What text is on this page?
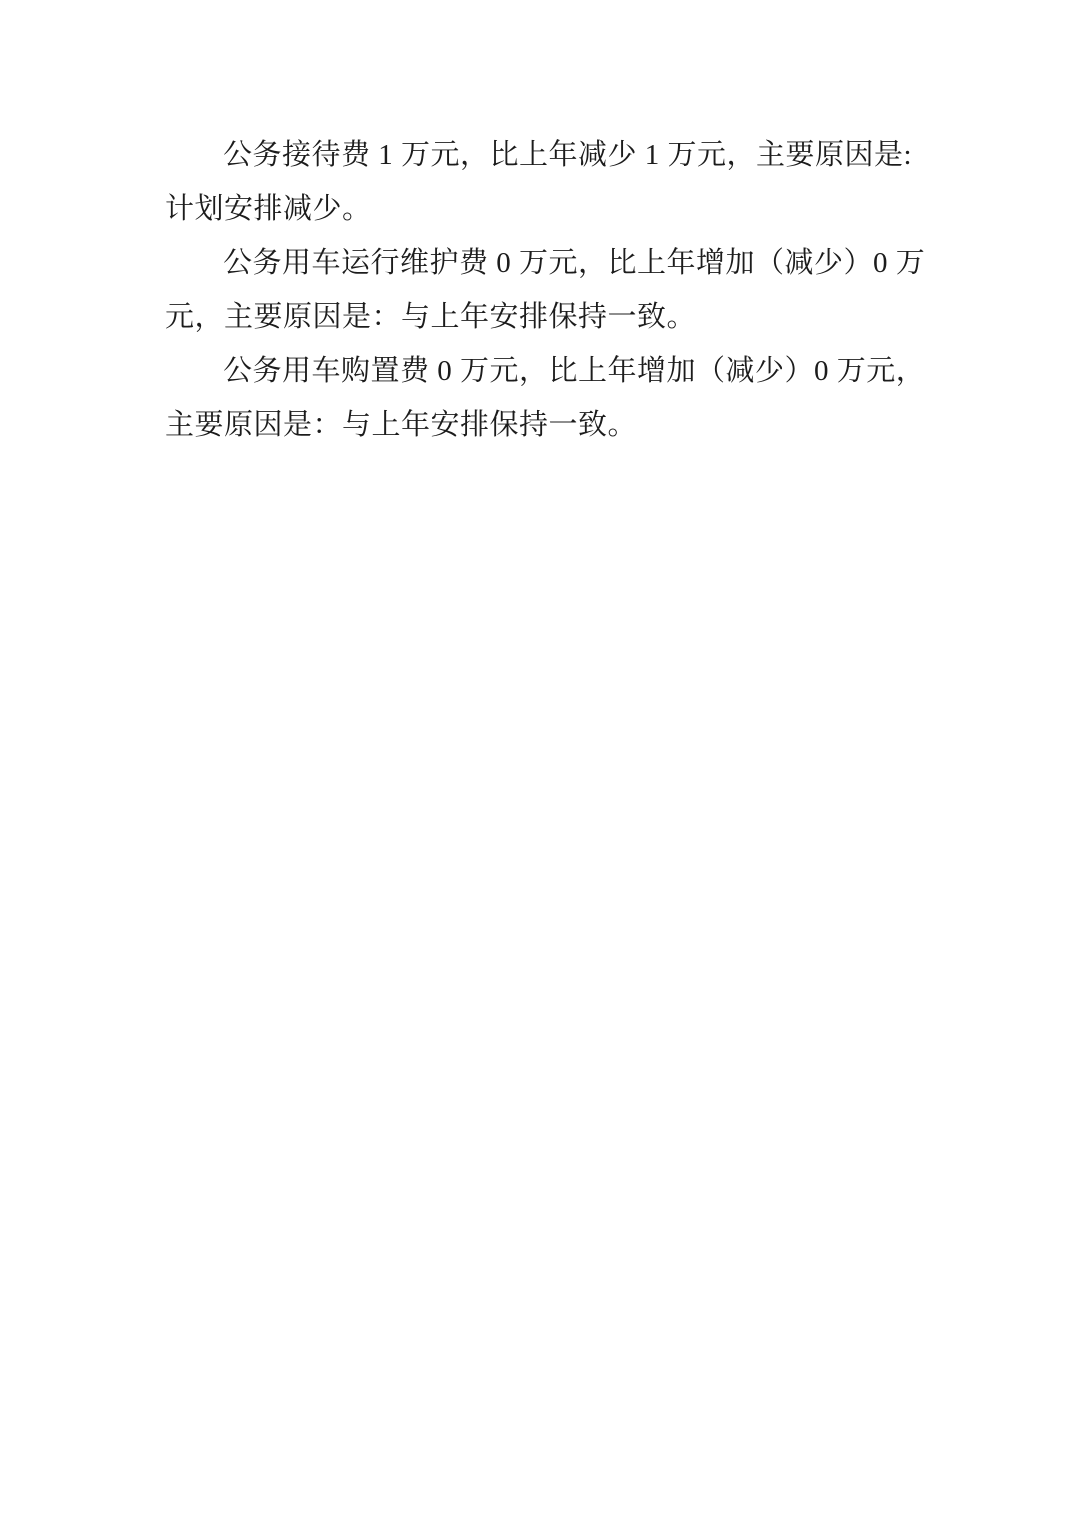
公务接待费 1 万元，比上年减少 1 万元，主要原因是:
计划安排减少。
公务用车运行维护费 0 万元，比上年增加（减少）0 万
元，主要原因是：与上年安排保持一致。
公务用车购置费 0 万元，比上年增加（减少）0 万元，
主要原因是：与上年安排保持一致。
